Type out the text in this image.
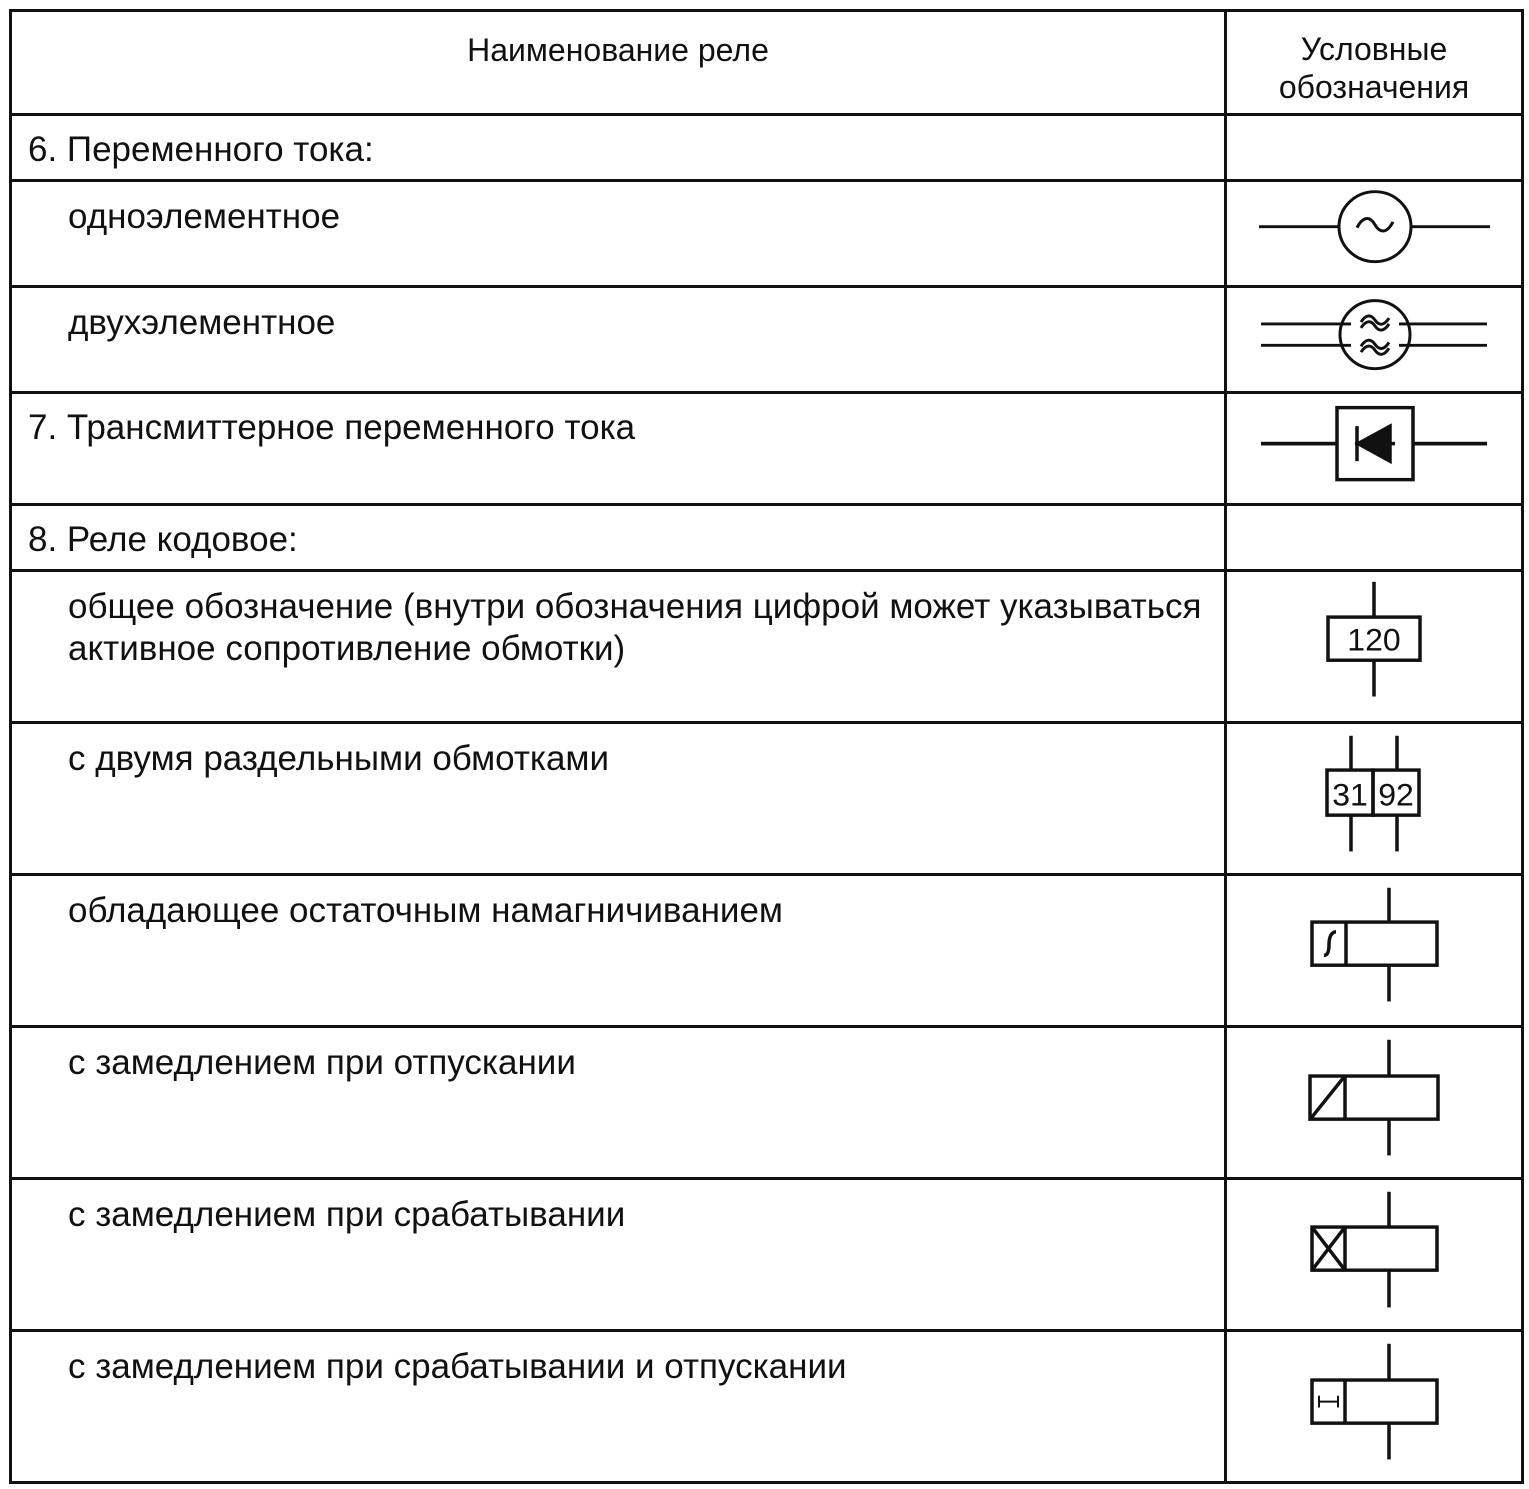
Наименование реле	Условные обозначения
6. Переменного тока:	
одноэлементное	

двухэлементное	

7. Трансмиттерное переменного тока	

8. Реле кодовое:	
общее обозначение (внутри обозначения цифрой может указываться активное сопротивление обмотки)	120

с двумя раздельными обмотками	31 92

обладающее остаточным намагничиванием	

с замедлением при отпускании	

с замедлением при срабатывании	

с замедлением при срабатывании и отпускании	
